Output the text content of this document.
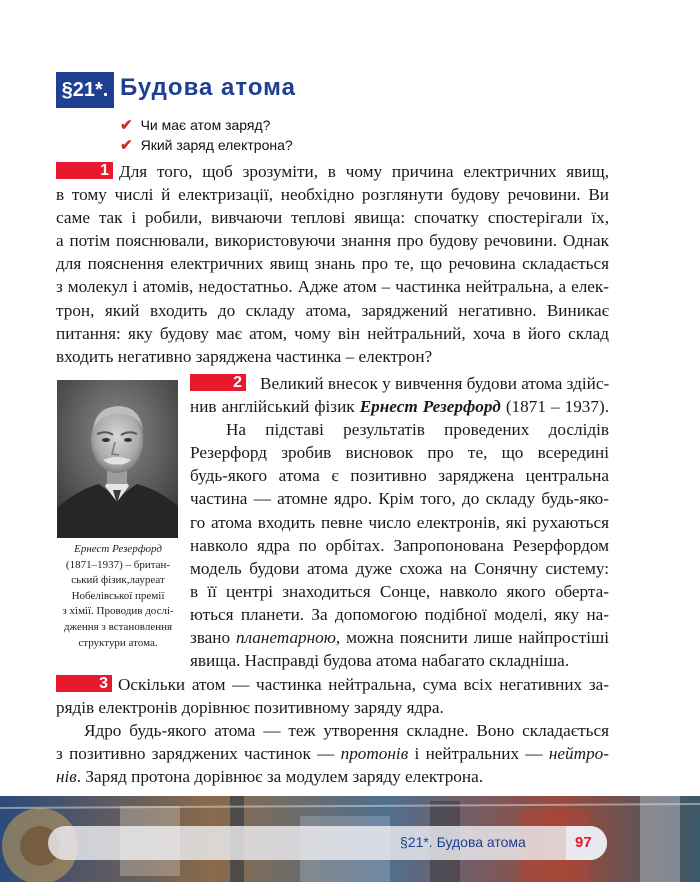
§21*. Будова атома
✔ Чи має атом заряд?
✔ Який заряд електрона?
1 Для того, щоб зрозуміти, в чому причина електричних явищ,
в тому числі й електризації, необхідно розглянути будову речовини. Ви
саме так і робили, вивчаючи теплові явища: спочатку спостерігали їх,
а потім пояснювали, використовуючи знання про будову речовини. Однак
для пояснення електричних явищ знань про те, що речовина складається
з молекул і атомів, недостатньо. Адже атом – частинка нейтральна, а елек-
трон, який входить до складу атома, заряджений негативно. Виникає
питання: яку будову має атом, чому він нейтральний, хоча в його склад
входить негативно заряджена частинка – електрон?
Ернест Резерфорд
(1871–1937) – британ-
ський фізик,лауреат
Нобелівської премії
з хімії. Проводив дослі-
дження з встановлення
структури атома.
2 Великий внесок у вивчення будови атома здійс-
нив англійський фізик Ернест Резерфорд (1871 – 1937).
На підставі результатів проведених дослідів
Резерфорд зробив висновок про те, що всередині
будь-якого атома є позитивно заряджена центральна
частина — атомне ядро. Крім того, до складу будь-яко-
го атома входить певне число електронів, які рухаються
навколо ядра по орбітах. Запропонована Резерфордом
модель будови атома дуже схожа на Сонячну систему:
в її центрі знаходиться Сонце, навколо якого оберта-
ються планети. За допомогою подібної моделі, яку на-
звано планетарною, можна пояснити лише найпростіші
явища. Насправді будова атома набагато складніша.
3 Оскільки атом — частинка нейтральна, сума всіх негативних за-
рядів електронів дорівнює позитивному заряду ядра.
Ядро будь-якого атома — теж утворення складне. Воно складається
з позитивно заряджених частинок — протонів і нейтральних — нейтро-
нів. Заряд протона дорівнює за модулем заряду електрона.
§21*. Будова атома	97
